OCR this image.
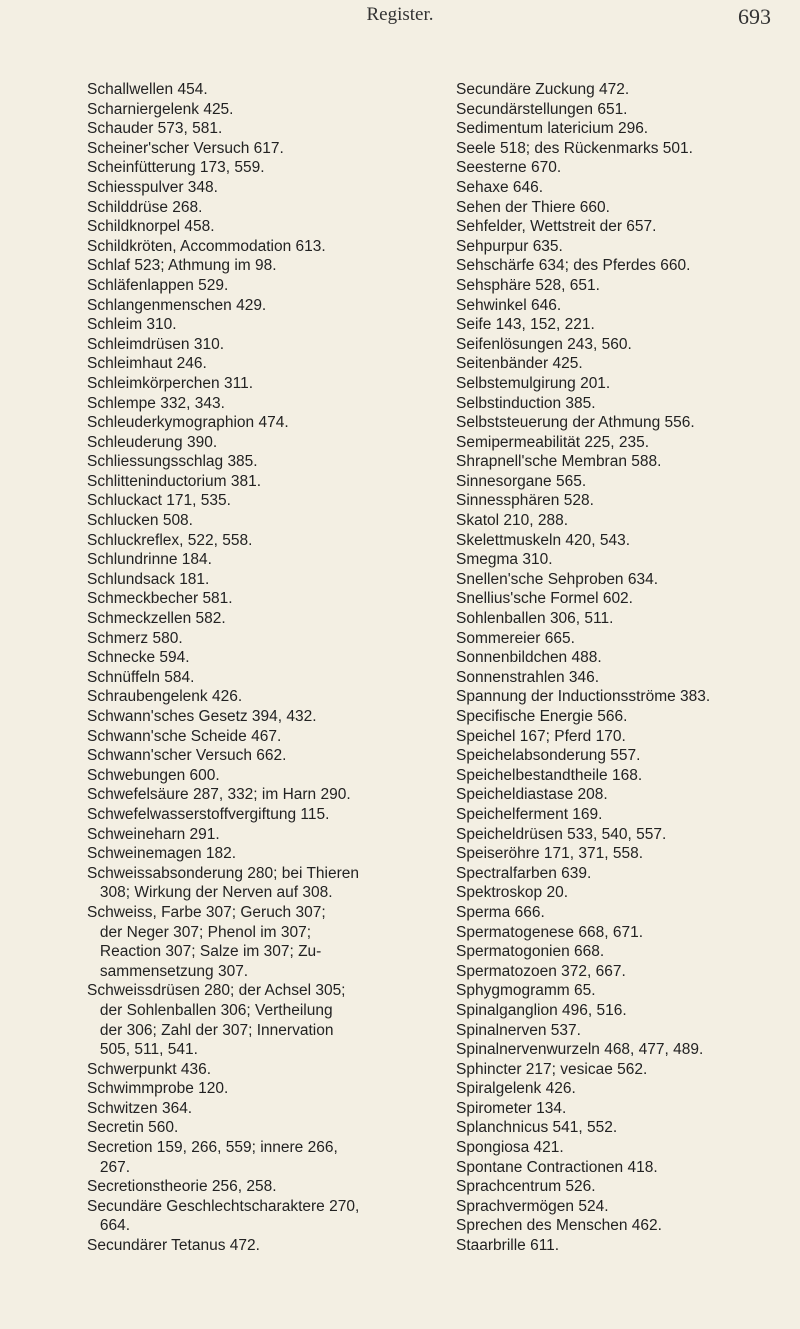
Register.	693
Schallwellen 454.
Scharniergelenk 425.
Schauder 573, 581.
Scheiner'scher Versuch 617.
Scheinfütterung 173, 559.
Schiesspulver 348.
Schilddrüse 268.
Schildknorpel 458.
Schildkröten, Accommodation 613.
Schlaf 523; Athmung im 98.
Schläfenlappen 529.
Schlangenmenschen 429.
Schleim 310.
Schleimdrüsen 310.
Schleimhaut 246.
Schleimkörperchen 311.
Schlempe 332, 343.
Schleuderkymographion 474.
Schleuderung 390.
Schliessungsschlag 385.
Schlitteninductorium 381.
Schluckact 171, 535.
Schlucken 508.
Schluckreflex, 522, 558.
Schlundrinne 184.
Schlundsack 181.
Schmeckbecher 581.
Schmeckzellen 582.
Schmerz 580.
Schnecke 594.
Schnüffeln 584.
Schraubengelenk 426.
Schwann'sches Gesetz 394, 432.
Schwann'sche Scheide 467.
Schwann'scher Versuch 662.
Schwebungen 600.
Schwefelsäure 287, 332; im Harn 290.
Schwefelwasserstoffvergiftung 115.
Schweineharn 291.
Schweinemagen 182.
Schweissabsonderung 280; bei Thieren
308; Wirkung der Nerven auf 308.
Schweiss, Farbe 307; Geruch 307;
der Neger 307; Phenol im 307;
Reaction 307; Salze im 307; Zu-
sammensetzung 307.
Schweissdrüsen 280; der Achsel 305;
der Sohlenballen 306; Vertheilung
der 306; Zahl der 307; Innervation
505, 511, 541.
Schwerpunkt 436.
Schwimmprobe 120.
Schwitzen 364.
Secretin 560.
Secretion 159, 266, 559; innere 266,
267.
Secretionstheorie 256, 258.
Secundäre Geschlechtscharaktere 270,
664.
Secundärer Tetanus 472.
Secundäre Zuckung 472.
Secundärstellungen 651.
Sedimentum latericium 296.
Seele 518; des Rückenmarks 501.
Seesterne 670.
Sehaxe 646.
Sehen der Thiere 660.
Sehfelder, Wettstreit der 657.
Sehpurpur 635.
Sehschärfe 634; des Pferdes 660.
Sehsphäre 528, 651.
Sehwinkel 646.
Seife 143, 152, 221.
Seifenlösungen 243, 560.
Seitenbänder 425.
Selbstemulgirung 201.
Selbstinduction 385.
Selbststeuerung der Athmung 556.
Semipermeabilität 225, 235.
Shrapnell'sche Membran 588.
Sinnesorgane 565.
Sinnessphären 528.
Skatol 210, 288.
Skelettmuskeln 420, 543.
Smegma 310.
Snellen'sche Sehproben 634.
Snellius'sche Formel 602.
Sohlenballen 306, 511.
Sommereier 665.
Sonnenbildchen 488.
Sonnenstrahlen 346.
Spannung der Inductionsströme 383.
Specifische Energie 566.
Speichel 167; Pferd 170.
Speichelabsonderung 557.
Speichelbestandtheile 168.
Speicheldiastase 208.
Speichelferment 169.
Speicheldrüsen 533, 540, 557.
Speiseröhre 171, 371, 558.
Spectralfarben 639.
Spektroskop 20.
Sperma 666.
Spermatogenese 668, 671.
Spermatogonien 668.
Spermatozoen 372, 667.
Sphygmogramm 65.
Spinalganglion 496, 516.
Spinalnerven 537.
Spinalnervenwurzeln 468, 477, 489.
Sphincter 217; vesicae 562.
Spiralgelenk 426.
Spirometer 134.
Splanchnicus 541, 552.
Spongiosa 421.
Spontane Contractionen 418.
Sprachcentrum 526.
Sprachvermögen 524.
Sprechen des Menschen 462.
Staarbrille 611.
